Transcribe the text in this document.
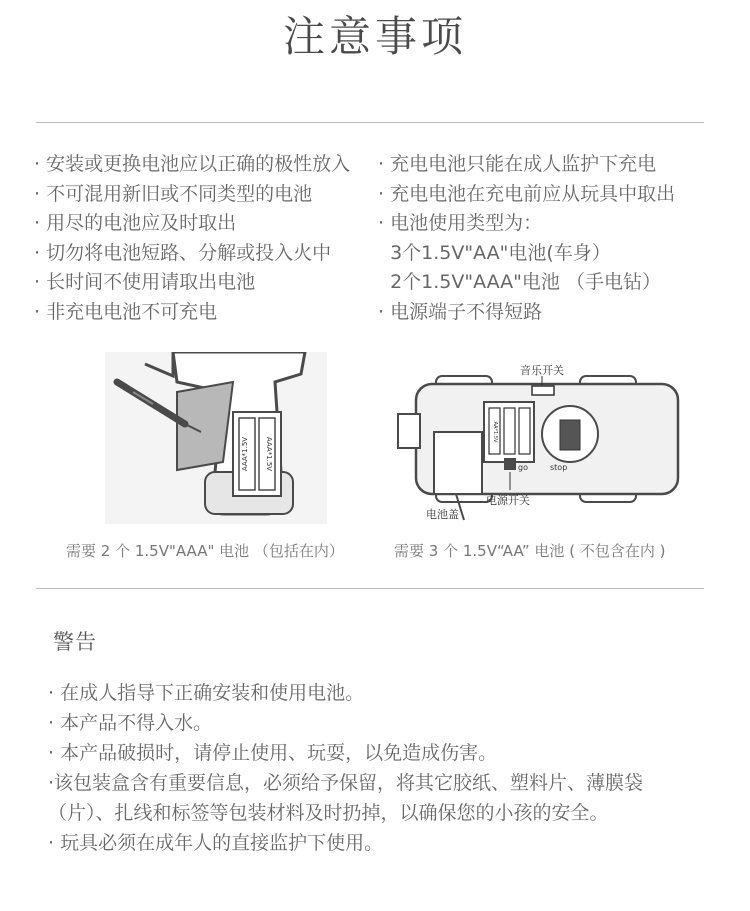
注意事项
· 安装或更换电池应以正确的极性放入
· 不可混用新旧或不同类型的电池
· 用尽的电池应及时取出
· 切勿将电池短路、分解或投入火中
· 长时间不使用请取出电池
· 非充电电池不可充电
· 充电电池只能在成人监护下充电
· 充电电池在充电前应从玩具中取出
· 电池使用类型为：
3个1.5V"AA"电池(车身）
2个1.5V"AAA"电池 （手电钻）
· 电源端子不得短路
AAA*1.5V AAA*1.5V
需要 2 个 1.5V"AAA" 电池 （包括在内）
音乐开关
AA*1.5V
go	stop
电池盖
电源开关
需要 3 个 1.5V“AA” 电池 ( 不包含在内 )
警告
· 在成人指导下正确安装和使用电池。
· 本产品不得入水。
· 本产品破损时，请停止使用、玩耍，以免造成伤害。
·该包装盒含有重要信息，必须给予保留，将其它胶纸、塑料片、薄膜袋
（片）、扎线和标签等包装材料及时扔掉，以确保您的小孩的安全。
· 玩具必须在成年人的直接监护下使用。
